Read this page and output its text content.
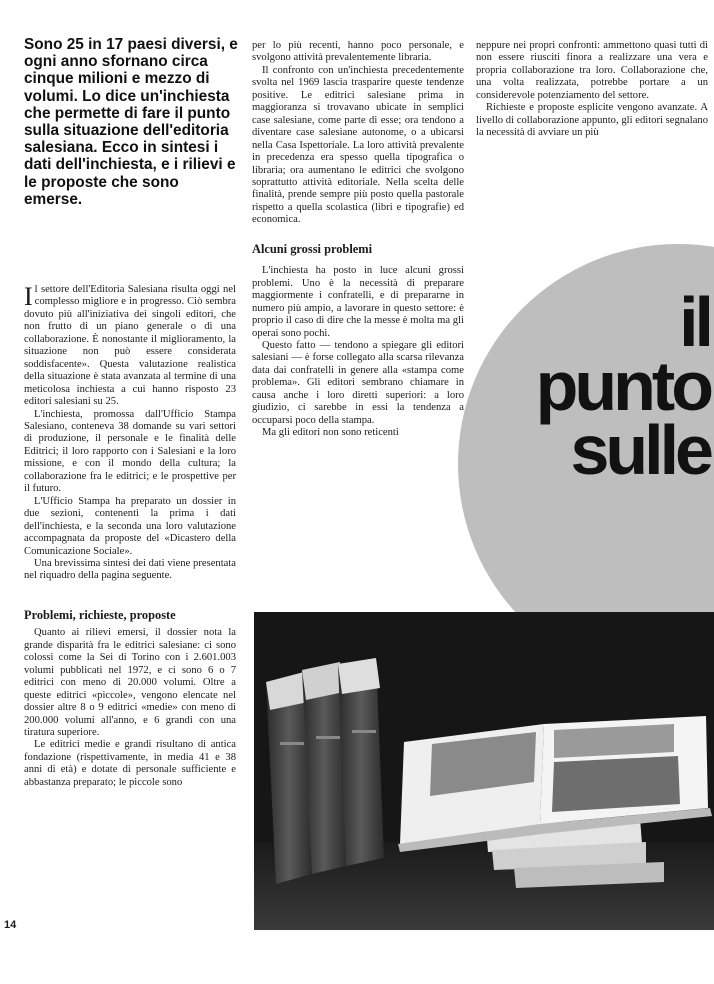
Sono 25 in 17 paesi diversi, e ogni anno sfornano circa cinque milioni e mezzo di volumi. Lo dice un'inchiesta che permette di fare il punto sulla situazione dell'editoria salesiana. Ecco in sintesi i dati dell'inchiesta, e i rilievi e le proposte che sono emerse.

Il settore dell'Editoria Salesiana risulta oggi nel complesso migliore e in progresso. Ciò sembra dovuto più all'iniziativa dei singoli editori, che non frutto di un piano generale o di una collaborazione. È nonostante il miglioramento, la situazione non può essere considerata soddisfacente». Questa valutazione realistica della situazione è stata avanzata al termine di una meticolosa inchiesta a cui hanno risposto 23 editori salesiani su 25.

L'inchiesta, promossa dall'Ufficio Stampa Salesiano, conteneva 38 domande su vari settori di produzione, il personale e le finalità delle Editrici; il loro rapporto con i Salesiani e la loro missione, e con il mondo della cultura; la collaborazione fra le editrici; e le prospettive per il futuro.

L'Ufficio Stampa ha preparato un dossier in due sezioni, contenenti la prima i dati dell'inchiesta, e la seconda una loro valutazione accompagnata da proposte del «Dicastero della Comunicazione Sociale».

Una brevissima sintesi dei dati viene presentata nel riquadro della pagina seguente.

Problemi, richieste, proposte

Quanto ai rilievi emersi, il dossier nota la grande disparità fra le editrici salesiane: ci sono colossi come la Sei di Torino con i 2.601.003 volumi pubblicati nel 1972, e ci sono 6 o 7 editrici con meno di 20.000 volumi. Oltre a queste editrici «piccole», vengono elencate nel dossier altre 8 o 9 editrici «medie» con meno di 200.000 volumi all'anno, e 6 grandi con una tiratura superiore.

Le editrici medie e grandi risultano di antica fondazione (rispettivamente, in media 41 e 38 anni di età) e dotate di personale sufficiente e abbastanza preparato; le piccole sono

per lo più recenti, hanno poco personale, e svolgono attività prevalentemente libraria.

Il confronto con un'inchiesta precedentemente svolta nel 1969 lascia trasparire queste tendenze positive. Le editrici salesiane prima in maggioranza si trovavano ubicate in semplici case salesiane, come parte di esse; ora tendono a diventare case salesiane autonome, o a ubicarsi nella Casa Ispettoriale. La loro attività prevalente in precedenza era spesso quella tipografica o libraria; ora aumentano le editrici che svolgono soprattutto attività editoriale. Nella scelta delle finalità, prende sempre più posto quella pastorale rispetto a quella scolastica (libri e tipografie) ed economica.

Alcuni grossi problemi

L'inchiesta ha posto in luce alcuni grossi problemi. Uno è la necessità di preparare maggiormente i confratelli, e di prepararne in numero più ampio, a lavorare in questo settore: è proprio il caso di dire che la messe è molta ma gli operai sono pochi.

Questo fatto — tendono a spiegare gli editori salesiani — è forse collegato alla scarsa rilevanza data dai confratelli in genere alla «stampa come problema». Gli editori sembrano chiamare in causa anche i loro diretti superiori: a loro giudizio, ci sarebbe in essi la tendenza a occuparsi poco della stampa.

Ma gli editori non sono reticenti

neppure nei propri confronti: ammettono quasi tutti di non essere riusciti finora a realizzare una vera e propria collaborazione tra loro. Collaborazione che, una volta realizzata, potrebbe portare a un considerevole potenziamento del settore.

Richieste e proposte esplicite vengono avanzate. A livello di collaborazione appunto, gli editori segnalano la necessità di avviare un più

il
punto
sulle
14
